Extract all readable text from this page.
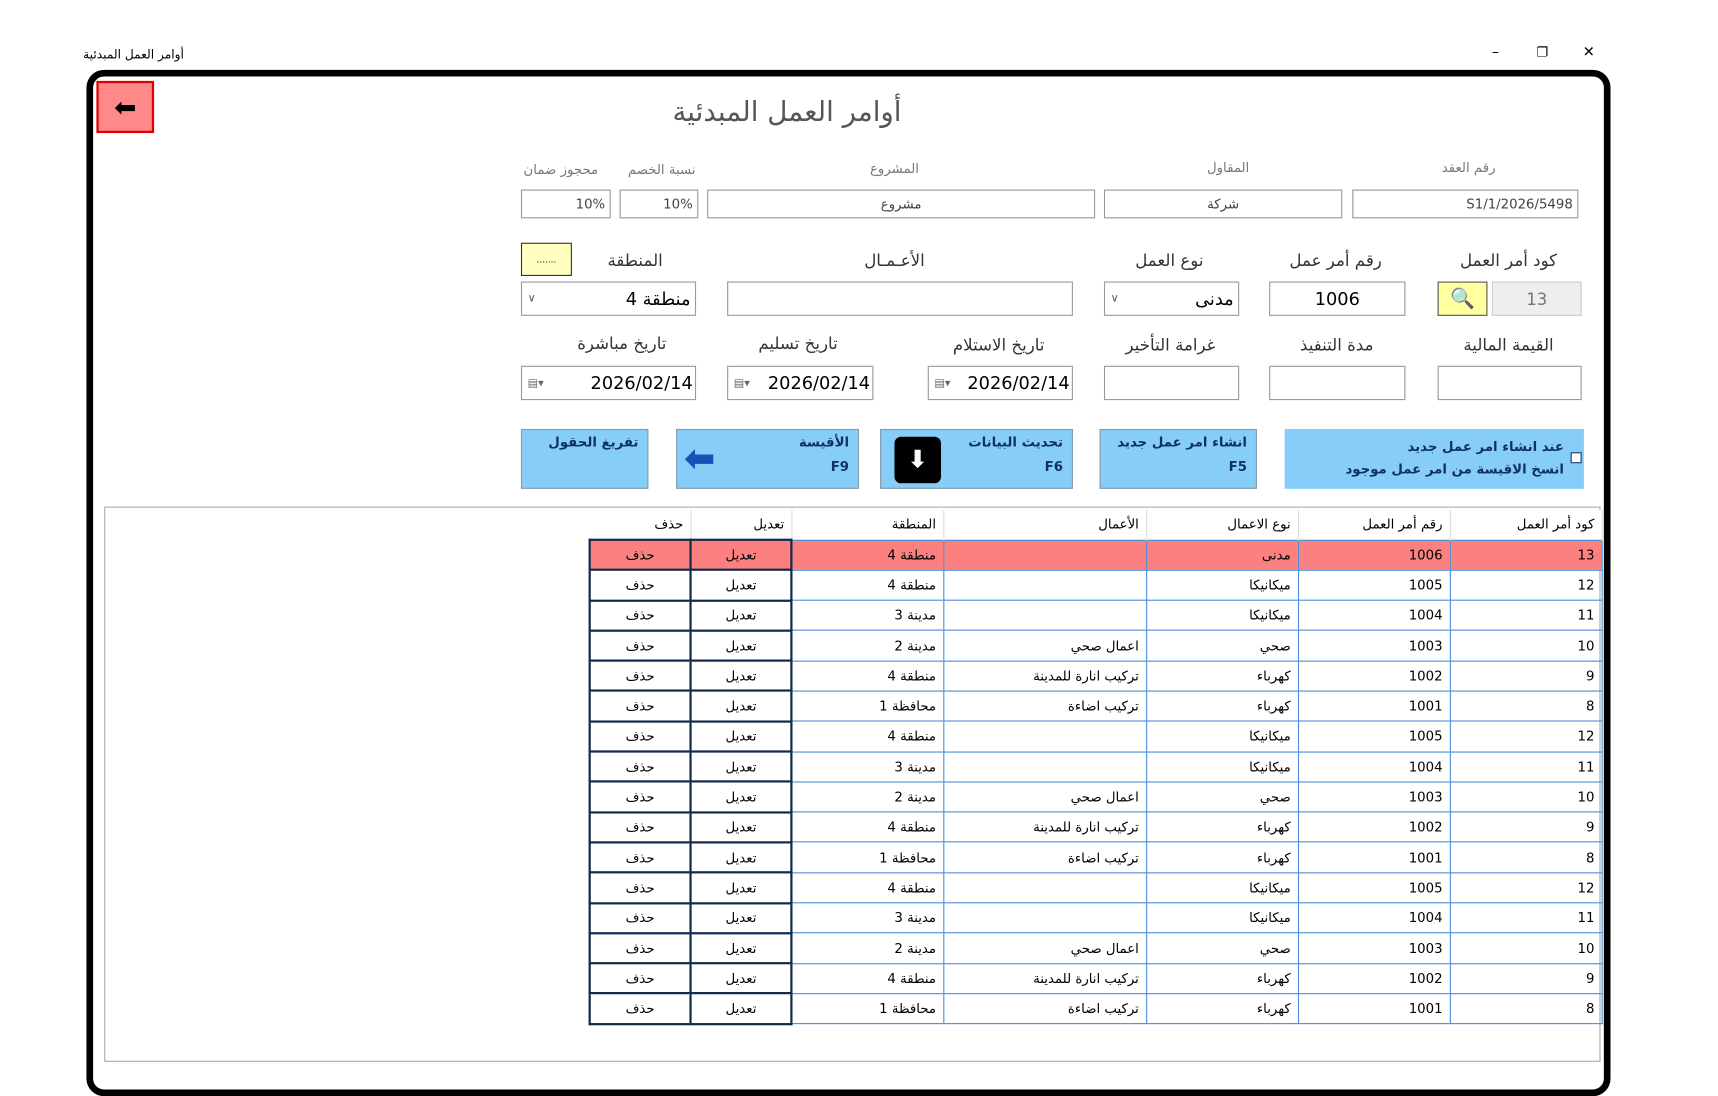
أوامر العمل المبدئية	–	❐	✕
⬅	أوامر العمل المبدئية
رقم العقد
المقاول
المشروع
نسبة الخصم
محجوز ضمان
S1/1/2026/5498
شركة
مشروع
10%
10%
كود أمر العمل
رقم أمر عمل
نوع العمل
الأعـمـال
المنطقة
.......
13
🔍
1006
مدنى
∨
منطقة 4
∨
القيمة المالية
مدة التنفيذ
غرامة التأخير
تاريخ الاستلام
تاريخ تسليم
تاريخ مباشرة
2026/02/14
▾▤
2026/02/14
▾▤
2026/02/14
▾▤
عند انشاء امر عمل جديد
انسخ الاقيسة من امر عمل موجود
انشاء امر عمل جديد
F5
تحديث البيانات
F6
⬇
الأقيسة
F9
⬅
تفريغ الحقول
كود أمر العمل	رقم أمر العمل	نوع الاعمال	الأعمال	المنطقة	تعديل	حذف
13	1006	مدنى		منطقة 4	تعديل	حذف
12	1005	ميكانيكا		منطقة 4	تعديل	حذف
11	1004	ميكانيكا		مدينة 3	تعديل	حذف
10	1003	صحي	اعمال صحي	مدينة 2	تعديل	حذف
9	1002	كهرباء	تركيب انارة للمدينة	منطقة 4	تعديل	حذف
8	1001	كهرباء	تركيب اضاءة	محافظة 1	تعديل	حذف
12	1005	ميكانيكا		منطقة 4	تعديل	حذف
11	1004	ميكانيكا		مدينة 3	تعديل	حذف
10	1003	صحي	اعمال صحي	مدينة 2	تعديل	حذف
9	1002	كهرباء	تركيب انارة للمدينة	منطقة 4	تعديل	حذف
8	1001	كهرباء	تركيب اضاءة	محافظة 1	تعديل	حذف
12	1005	ميكانيكا		منطقة 4	تعديل	حذف
11	1004	ميكانيكا		مدينة 3	تعديل	حذف
10	1003	صحي	اعمال صحي	مدينة 2	تعديل	حذف
9	1002	كهرباء	تركيب انارة للمدينة	منطقة 4	تعديل	حذف
8	1001	كهرباء	تركيب اضاءة	محافظة 1	تعديل	حذف
